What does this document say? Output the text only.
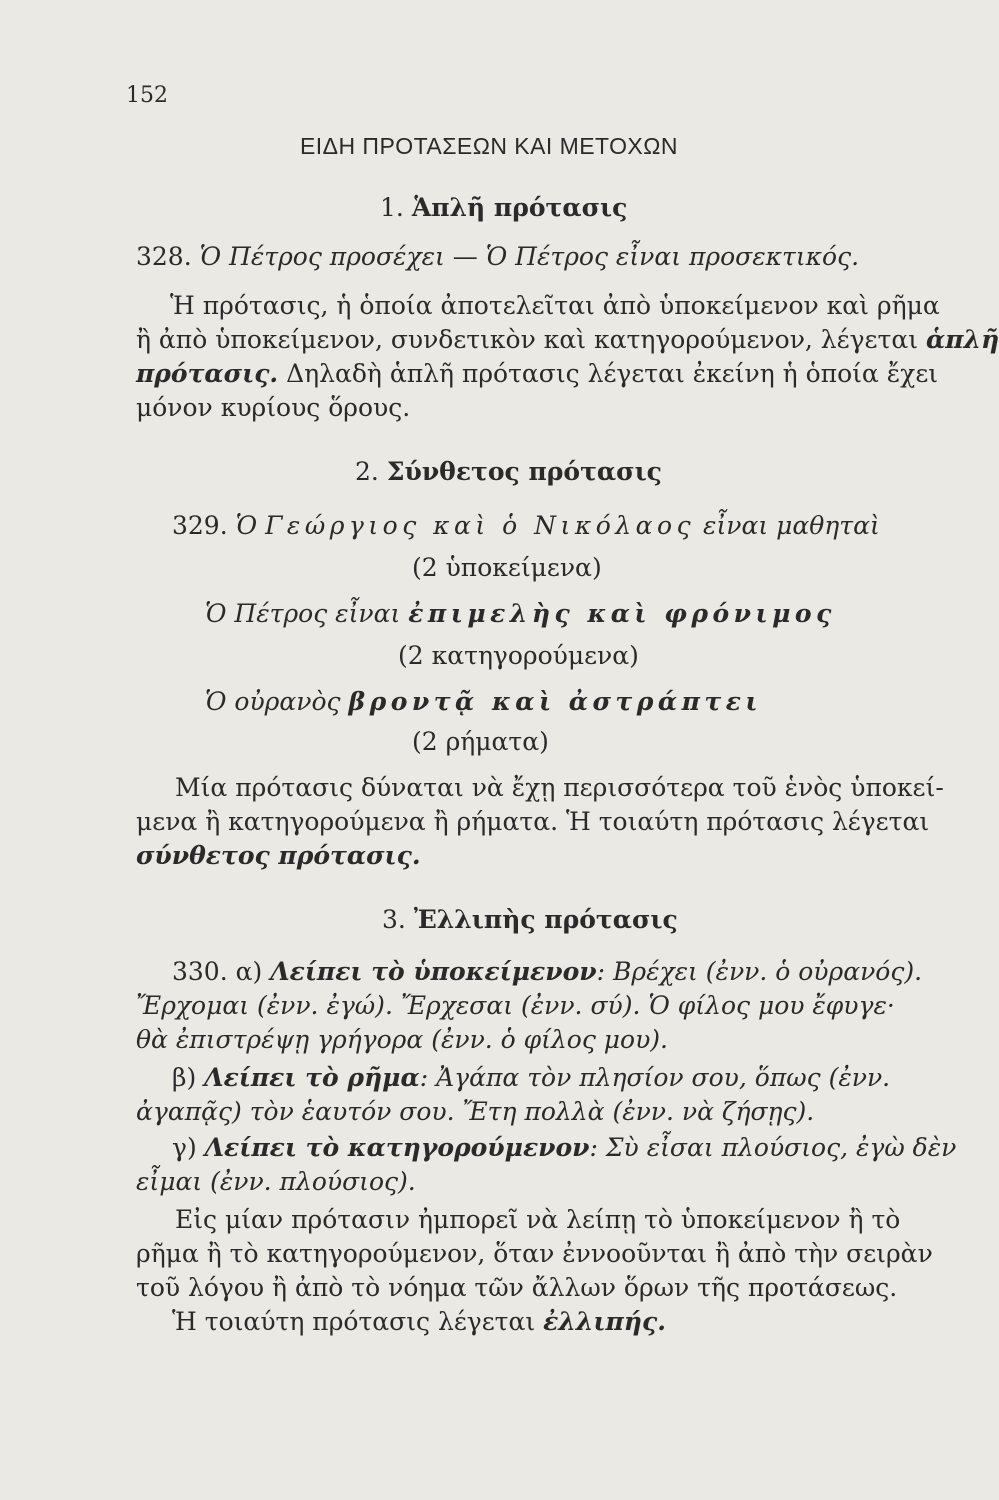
152
ΕΙΔΗ ΠΡΟΤΑΣΕΩΝ ΚΑΙ ΜΕΤΟΧΩΝ
1. Ἁπλῆ πρότασις
328. Ὁ Πέτρος προσέχει — Ὁ Πέτρος εἶναι προσεκτικός.
Ἡ πρότασις, ἡ ὁποία ἀποτελεῖται ἀπὸ ὑποκείμενον καὶ ρῆμα
ἢ ἀπὸ ὑποκείμενον, συνδετικὸν καὶ κατηγορούμενον, λέγεται ἁπλῆ
πρότασις. Δηλαδὴ ἁπλῆ πρότασις λέγεται ἐκείνη ἡ ὁποία ἔχει
μόνον κυρίους ὅρους.
2. Σύνθετος πρότασις
329. Ὁ Γεώργιος καὶ ὁ Νικόλαος εἶναι μαθηταὶ
(2 ὑποκείμενα)
Ὁ Πέτρος εἶναι ἐπιμελὴς καὶ φρόνιμος
(2 κατηγορούμενα)
Ὁ οὐρανὸς βροντᾷ καὶ ἀστράπτει
(2 ρήματα)
Μία πρότασις δύναται νὰ ἔχῃ περισσότερα τοῦ ἑνὸς ὑποκεί-
μενα ἢ κατηγορούμενα ἢ ρήματα. Ἡ τοιαύτη πρότασις λέγεται
σύνθετος πρότασις.
3. Ἐλλιπὴς πρότασις
330. α) Λείπει τὸ ὑποκείμενον: Βρέχει (ἐνν. ὁ οὐρανός).
Ἔρχομαι (ἐνν. ἐγώ). Ἔρχεσαι (ἐνν. σύ). Ὁ φίλος μου ἔφυγε·
θὰ ἐπιστρέψῃ γρήγορα (ἐνν. ὁ φίλος μου).
β) Λείπει τὸ ρῆμα: Ἀγάπα τὸν πλησίον σου, ὅπως (ἐνν.
ἀγαπᾷς) τὸν ἑαυτόν σου. Ἔτη πολλὰ (ἐνν. νὰ ζήσῃς).
γ) Λείπει τὸ κατηγορούμενον: Σὺ εἶσαι πλούσιος, ἐγὼ δὲν
εἶμαι (ἐνν. πλούσιος).
Εἰς μίαν πρότασιν ἠμπορεῖ νὰ λείπῃ τὸ ὑποκείμενον ἢ τὸ
ρῆμα ἢ τὸ κατηγορούμενον, ὅταν ἐννοοῦνται ἢ ἀπὸ τὴν σειρὰν
τοῦ λόγου ἢ ἀπὸ τὸ νόημα τῶν ἄλλων ὅρων τῆς προτάσεως.
Ἡ τοιαύτη πρότασις λέγεται ἐλλιπής.
